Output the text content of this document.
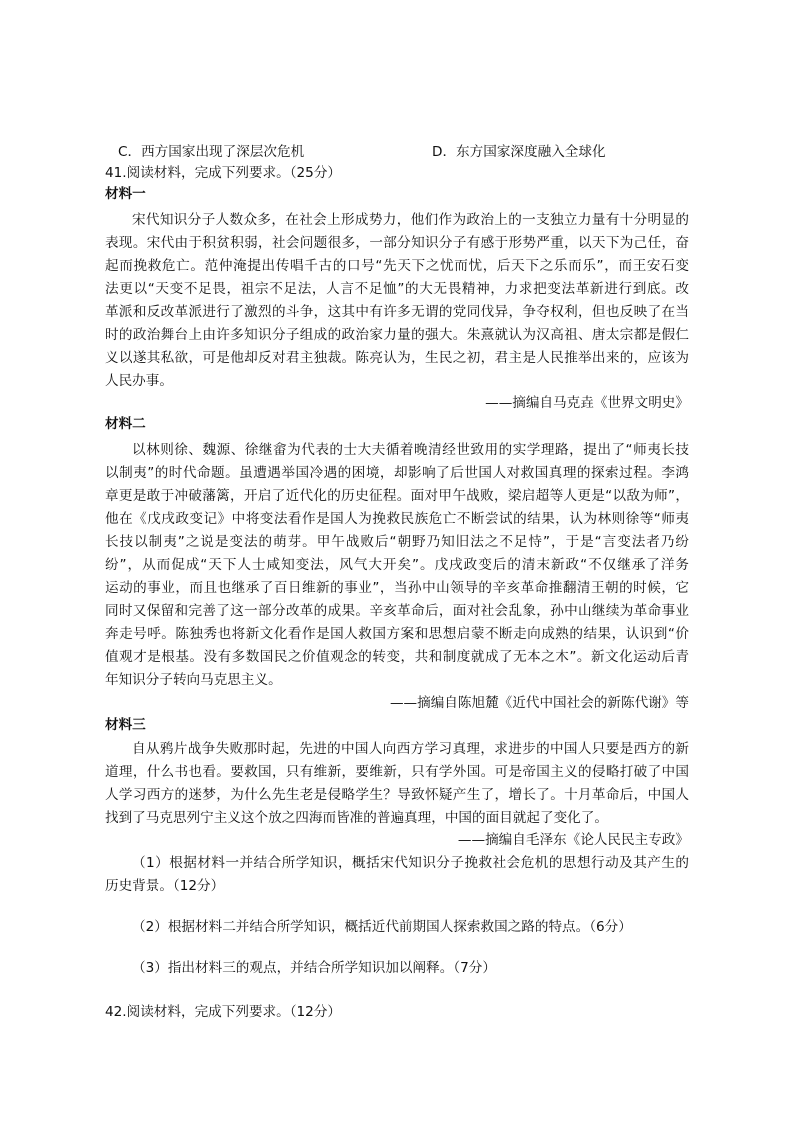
C．西方国家出现了深层次危机	D．东方国家深度融入全球化
41.阅读材料，完成下列要求。（25分）
材料一
宋代知识分子人数众多，在社会上形成势力，他们作为政治上的一支独立力量有十分明显的
表现。宋代由于积贫积弱，社会问题很多，一部分知识分子有感于形势严重，以天下为己任，奋
起而挽救危亡。范仲淹提出传唱千古的口号“先天下之忧而忧，后天下之乐而乐”，而王安石变
法更以“天变不足畏，祖宗不足法，人言不足恤”的大无畏精神，力求把变法革新进行到底。改
革派和反改革派进行了激烈的斗争，这其中有许多无谓的党同伐异，争夺权利，但也反映了在当
时的政治舞台上由许多知识分子组成的政治家力量的强大。朱熹就认为汉高祖、唐太宗都是假仁
义以遂其私欲，可是他却反对君主独裁。陈亮认为，生民之初，君主是人民推举出来的，应该为
人民办事。
——摘编自马克垚《世界文明史》
材料二
以林则徐、魏源、徐继畲为代表的士大夫循着晚清经世致用的实学理路，提出了“师夷长技
以制夷”的时代命题。虽遭遇举国冷遇的困境，却影响了后世国人对救国真理的探索过程。李鸿
章更是敢于冲破藩篱，开启了近代化的历史征程。面对甲午战败，梁启超等人更是“以敌为师”，
他在《戊戌政变记》中将变法看作是国人为挽救民族危亡不断尝试的结果，认为林则徐等“师夷
长技以制夷”之说是变法的萌芽。甲午战败后“朝野乃知旧法之不足恃”，于是“言变法者乃纷
纷”，从而促成“天下人士咸知变法，风气大开矣”。戊戌政变后的清末新政“不仅继承了洋务
运动的事业，而且也继承了百日维新的事业”，当孙中山领导的辛亥革命推翻清王朝的时候，它
同时又保留和完善了这一部分改革的成果。辛亥革命后，面对社会乱象，孙中山继续为革命事业
奔走号呼。陈独秀也将新文化看作是国人救国方案和思想启蒙不断走向成熟的结果，认识到“价
值观才是根基。没有多数国民之价值观念的转变，共和制度就成了无本之木”。新文化运动后青
年知识分子转向马克思主义。
——摘编自陈旭麓《近代中国社会的新陈代谢》等
材料三
自从鸦片战争失败那时起，先进的中国人向西方学习真理，求进步的中国人只要是西方的新
道理，什么书也看。要救国，只有维新，要维新，只有学外国。可是帝国主义的侵略打破了中国
人学习西方的迷梦，为什么先生老是侵略学生？导致怀疑产生了，增长了。十月革命后，中国人
找到了马克思列宁主义这个放之四海而皆准的普遍真理，中国的面目就起了变化了。
——摘编自毛泽东《论人民民主专政》
（1）根据材料一并结合所学知识，概括宋代知识分子挽救社会危机的思想行动及其产生的
历史背景。（12分）
（2）根据材料二并结合所学知识，概括近代前期国人探索救国之路的特点。（6分）
（3）指出材料三的观点，并结合所学知识加以阐释。（7分）
42.阅读材料，完成下列要求。（12分）
